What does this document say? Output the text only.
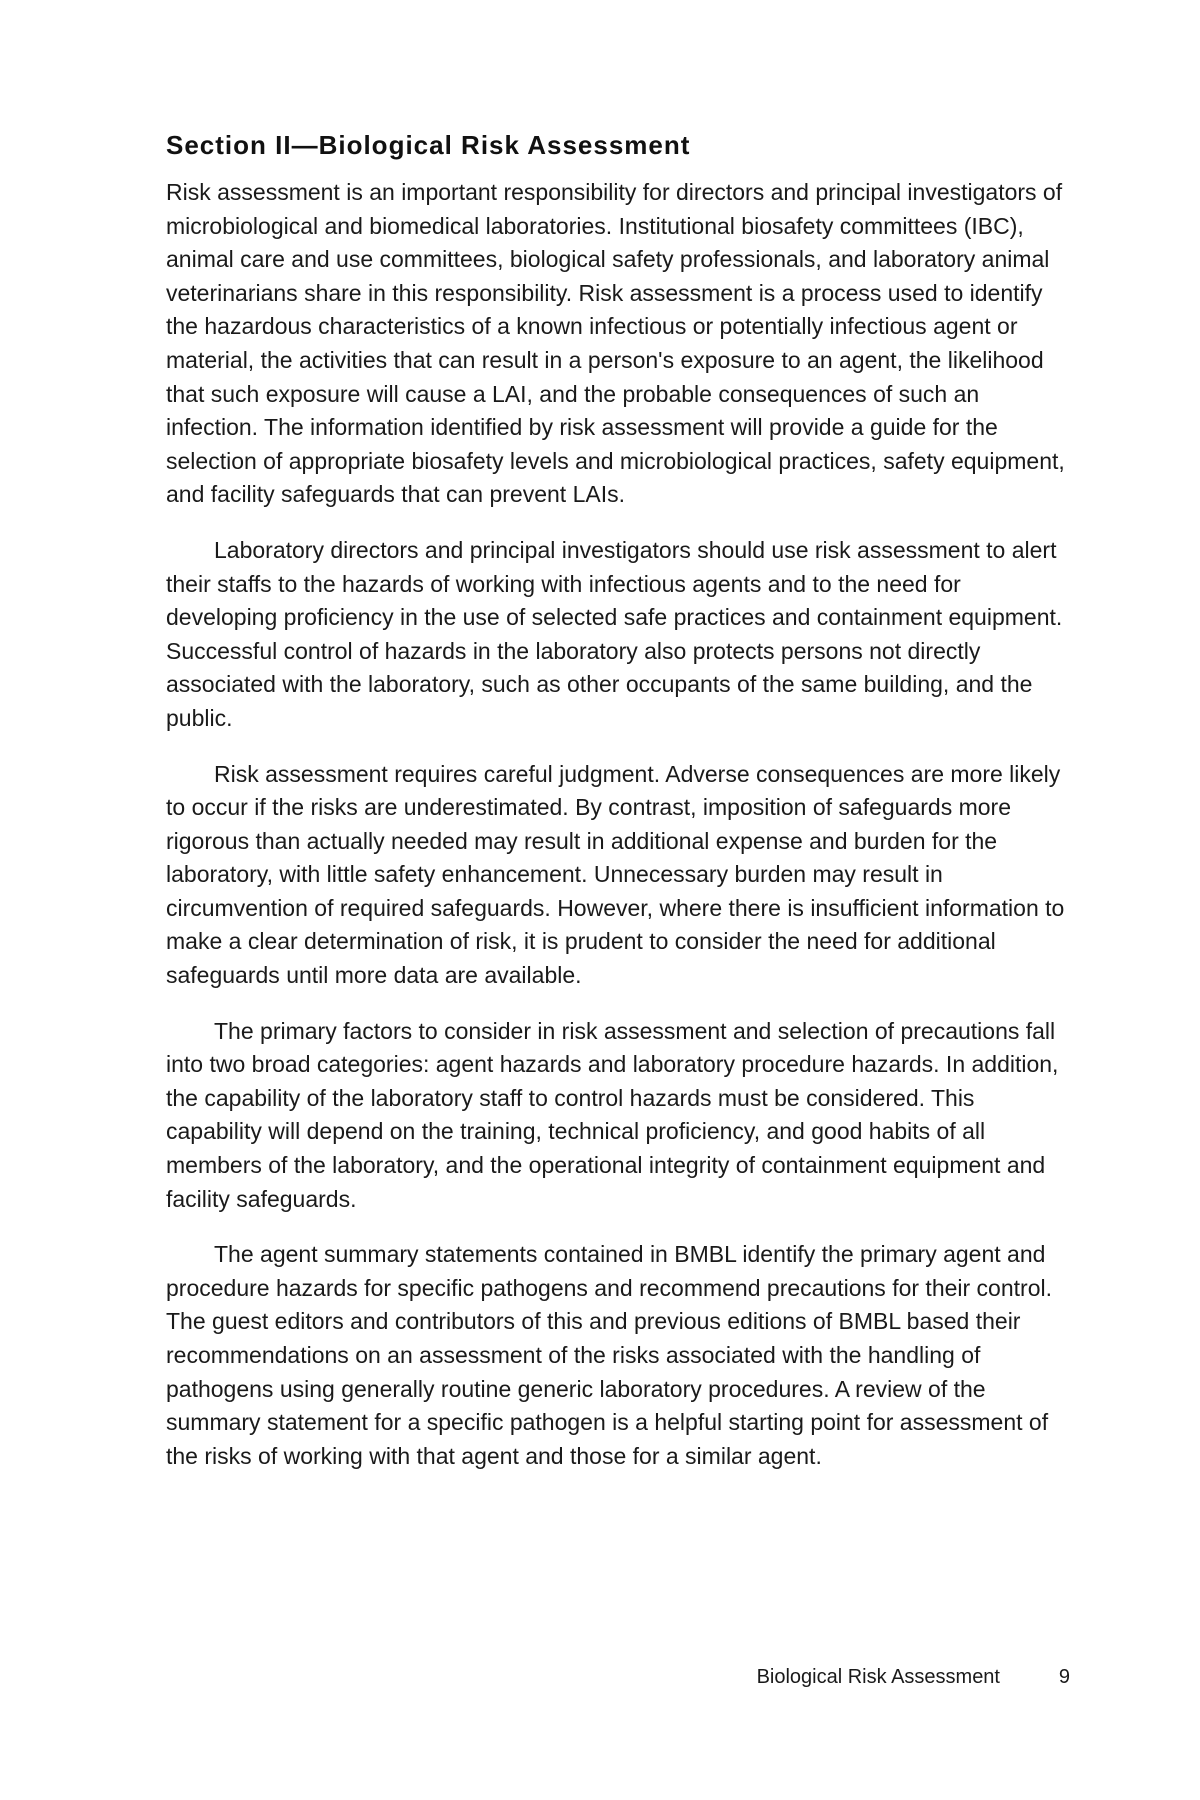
Section II—Biological Risk Assessment

Risk assessment is an important responsibility for directors and principal investigators of microbiological and biomedical laboratories. Institutional biosafety committees (IBC), animal care and use committees, biological safety professionals, and laboratory animal veterinarians share in this responsibility. Risk assessment is a process used to identify the hazardous characteristics of a known infectious or potentially infectious agent or material, the activities that can result in a person's exposure to an agent, the likelihood that such exposure will cause a LAI, and the probable consequences of such an infection. The information identified by risk assessment will provide a guide for the selection of appropriate biosafety levels and microbiological practices, safety equipment, and facility safeguards that can prevent LAIs.

Laboratory directors and principal investigators should use risk assessment to alert their staffs to the hazards of working with infectious agents and to the need for developing proficiency in the use of selected safe practices and containment equipment. Successful control of hazards in the laboratory also protects persons not directly associated with the laboratory, such as other occupants of the same building, and the public.

Risk assessment requires careful judgment. Adverse consequences are more likely to occur if the risks are underestimated. By contrast, imposition of safeguards more rigorous than actually needed may result in additional expense and burden for the laboratory, with little safety enhancement. Unnecessary burden may result in circumvention of required safeguards. However, where there is insufficient information to make a clear determination of risk, it is prudent to consider the need for additional safeguards until more data are available.

The primary factors to consider in risk assessment and selection of precautions fall into two broad categories: agent hazards and laboratory procedure hazards. In addition, the capability of the laboratory staff to control hazards must be considered. This capability will depend on the training, technical proficiency, and good habits of all members of the laboratory, and the operational integrity of containment equipment and facility safeguards.

The agent summary statements contained in BMBL identify the primary agent and procedure hazards for specific pathogens and recommend precautions for their control. The guest editors and contributors of this and previous editions of BMBL based their recommendations on an assessment of the risks associated with the handling of pathogens using generally routine generic laboratory procedures. A review of the summary statement for a specific pathogen is a helpful starting point for assessment of the risks of working with that agent and those for a similar agent.

Biological Risk Assessment	9
